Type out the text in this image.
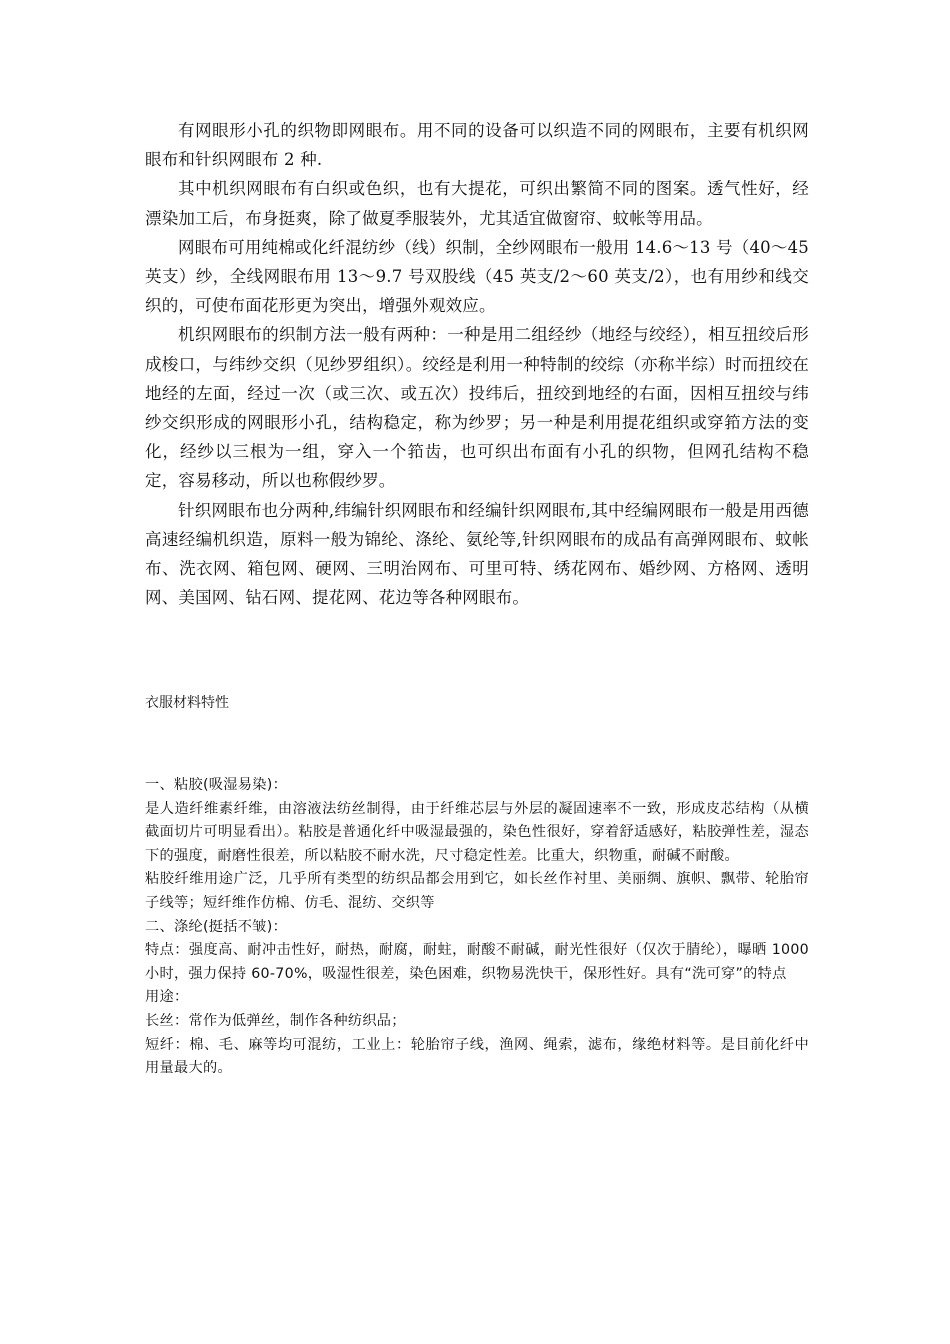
有网眼形小孔的织物即网眼布。用不同的设备可以织造不同的网眼布，主要有机织网眼布和针织网眼布 2 种.

其中机织网眼布有白织或色织，也有大提花，可织出繁简不同的图案。透气性好，经漂染加工后，布身挺爽，除了做夏季服装外，尤其适宜做窗帘、蚊帐等用品。

网眼布可用纯棉或化纤混纺纱（线）织制，全纱网眼布一般用 14.6～13 号（40～45 英支）纱，全线网眼布用 13～9.7 号双股线（45 英支/2～60 英支/2），也有用纱和线交织的，可使布面花形更为突出，增强外观效应。

机织网眼布的织制方法一般有两种：一种是用二组经纱（地经与绞经），相互扭绞后形成梭口，与纬纱交织（见纱罗组织）。绞经是利用一种特制的绞综（亦称半综）时而扭绞在地经的左面，经过一次（或三次、或五次）投纬后，扭绞到地经的右面，因相互扭绞与纬纱交织形成的网眼形小孔，结构稳定，称为纱罗；另一种是利用提花组织或穿筘方法的变化，经纱以三根为一组，穿入一个筘齿，也可织出布面有小孔的织物，但网孔结构不稳定，容易移动，所以也称假纱罗。

针织网眼布也分两种,纬编针织网眼布和经编针织网眼布,其中经编网眼布一般是用西德高速经编机织造，原料一般为锦纶、涤纶、氨纶等,针织网眼布的成品有高弹网眼布、蚊帐布、洗衣网、箱包网、硬网、三明治网布、可里可特、绣花网布、婚纱网、方格网、透明网、美国网、钻石网、提花网、花边等各种网眼布。

衣服材料特性

一、粘胶(吸湿易染)：

是人造纤维素纤维，由溶液法纺丝制得，由于纤维芯层与外层的凝固速率不一致，形成皮芯结构（从横截面切片可明显看出）。粘胶是普通化纤中吸湿最强的，染色性很好，穿着舒适感好，粘胶弹性差，湿态下的强度，耐磨性很差，所以粘胶不耐水洗，尺寸稳定性差。比重大，织物重，耐碱不耐酸。

粘胶纤维用途广泛，几乎所有类型的纺织品都会用到它，如长丝作衬里、美丽绸、旗帜、飘带、轮胎帘子线等；短纤维作仿棉、仿毛、混纺、交织等

二、涤纶(挺括不皱)：

特点：强度高、耐冲击性好，耐热，耐腐，耐蛀，耐酸不耐碱，耐光性很好（仅次于腈纶），曝晒 1000 小时，强力保持 60-70%，吸湿性很差，染色困难，织物易洗快干，保形性好。具有“洗可穿”的特点

用途：

长丝：常作为低弹丝，制作各种纺织品；

短纤：棉、毛、麻等均可混纺，工业上：轮胎帘子线，渔网、绳索，滤布，缘绝材料等。是目前化纤中用量最大的。
